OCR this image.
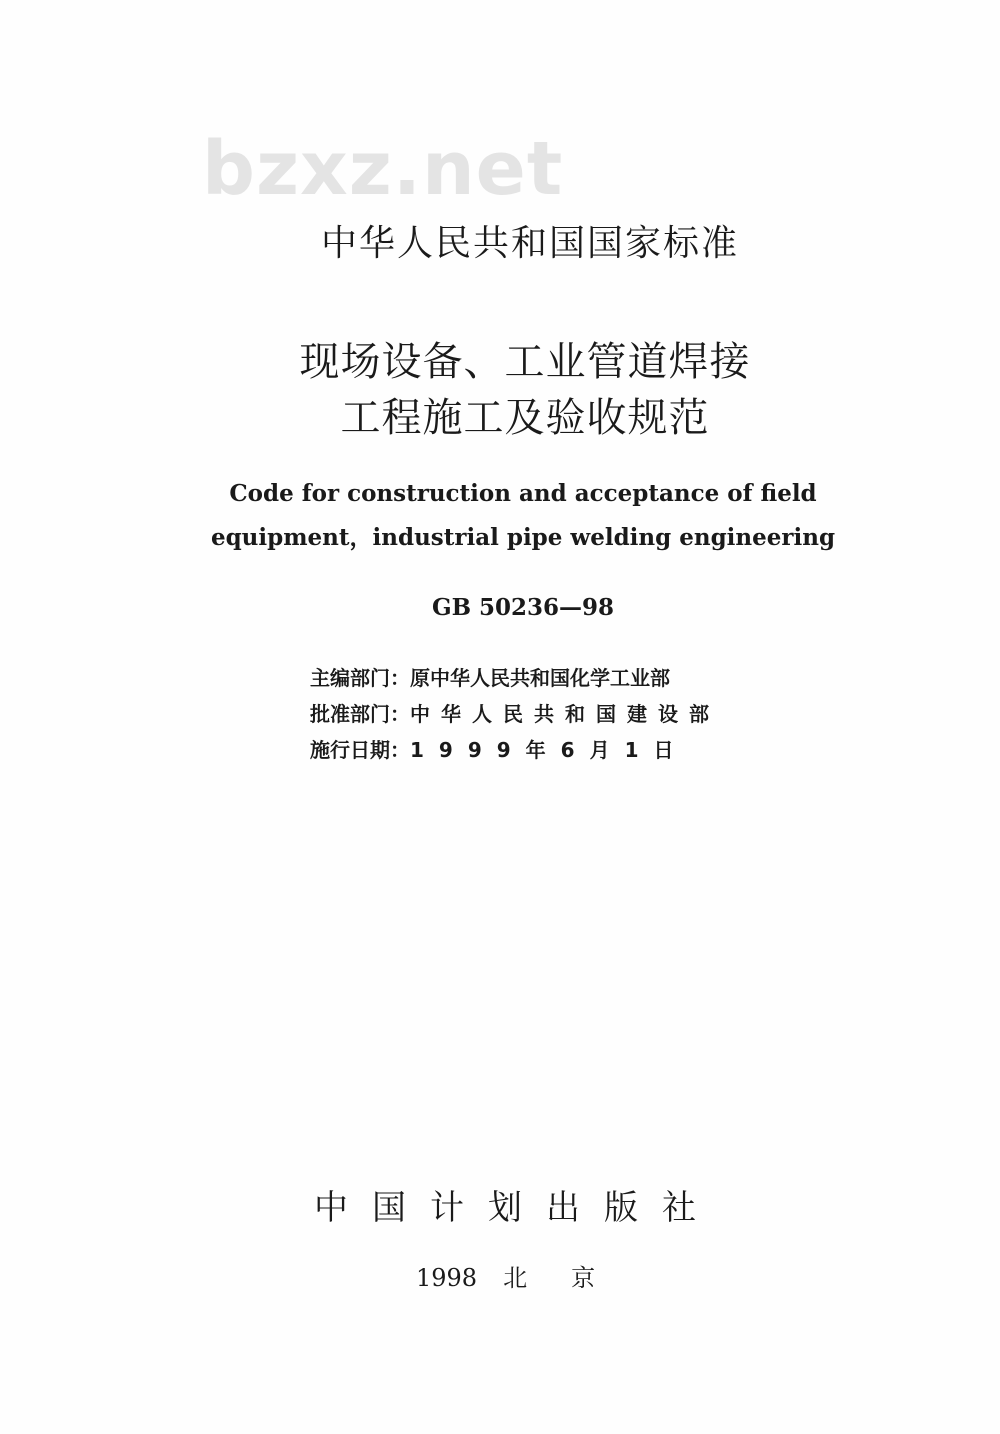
bzxz.net
中华人民共和国国家标准
现场设备、工业管道焊接
工程施工及验收规范
Code for construction and acceptance of field
equipment，industrial pipe welding engineering
GB 50236—98
主编部门： 原中华人民共和国化学工业部
批准部门： 中华人民共和国建设部
施行日期： 1999年6月1日
中国计划出版社
1998 北京
